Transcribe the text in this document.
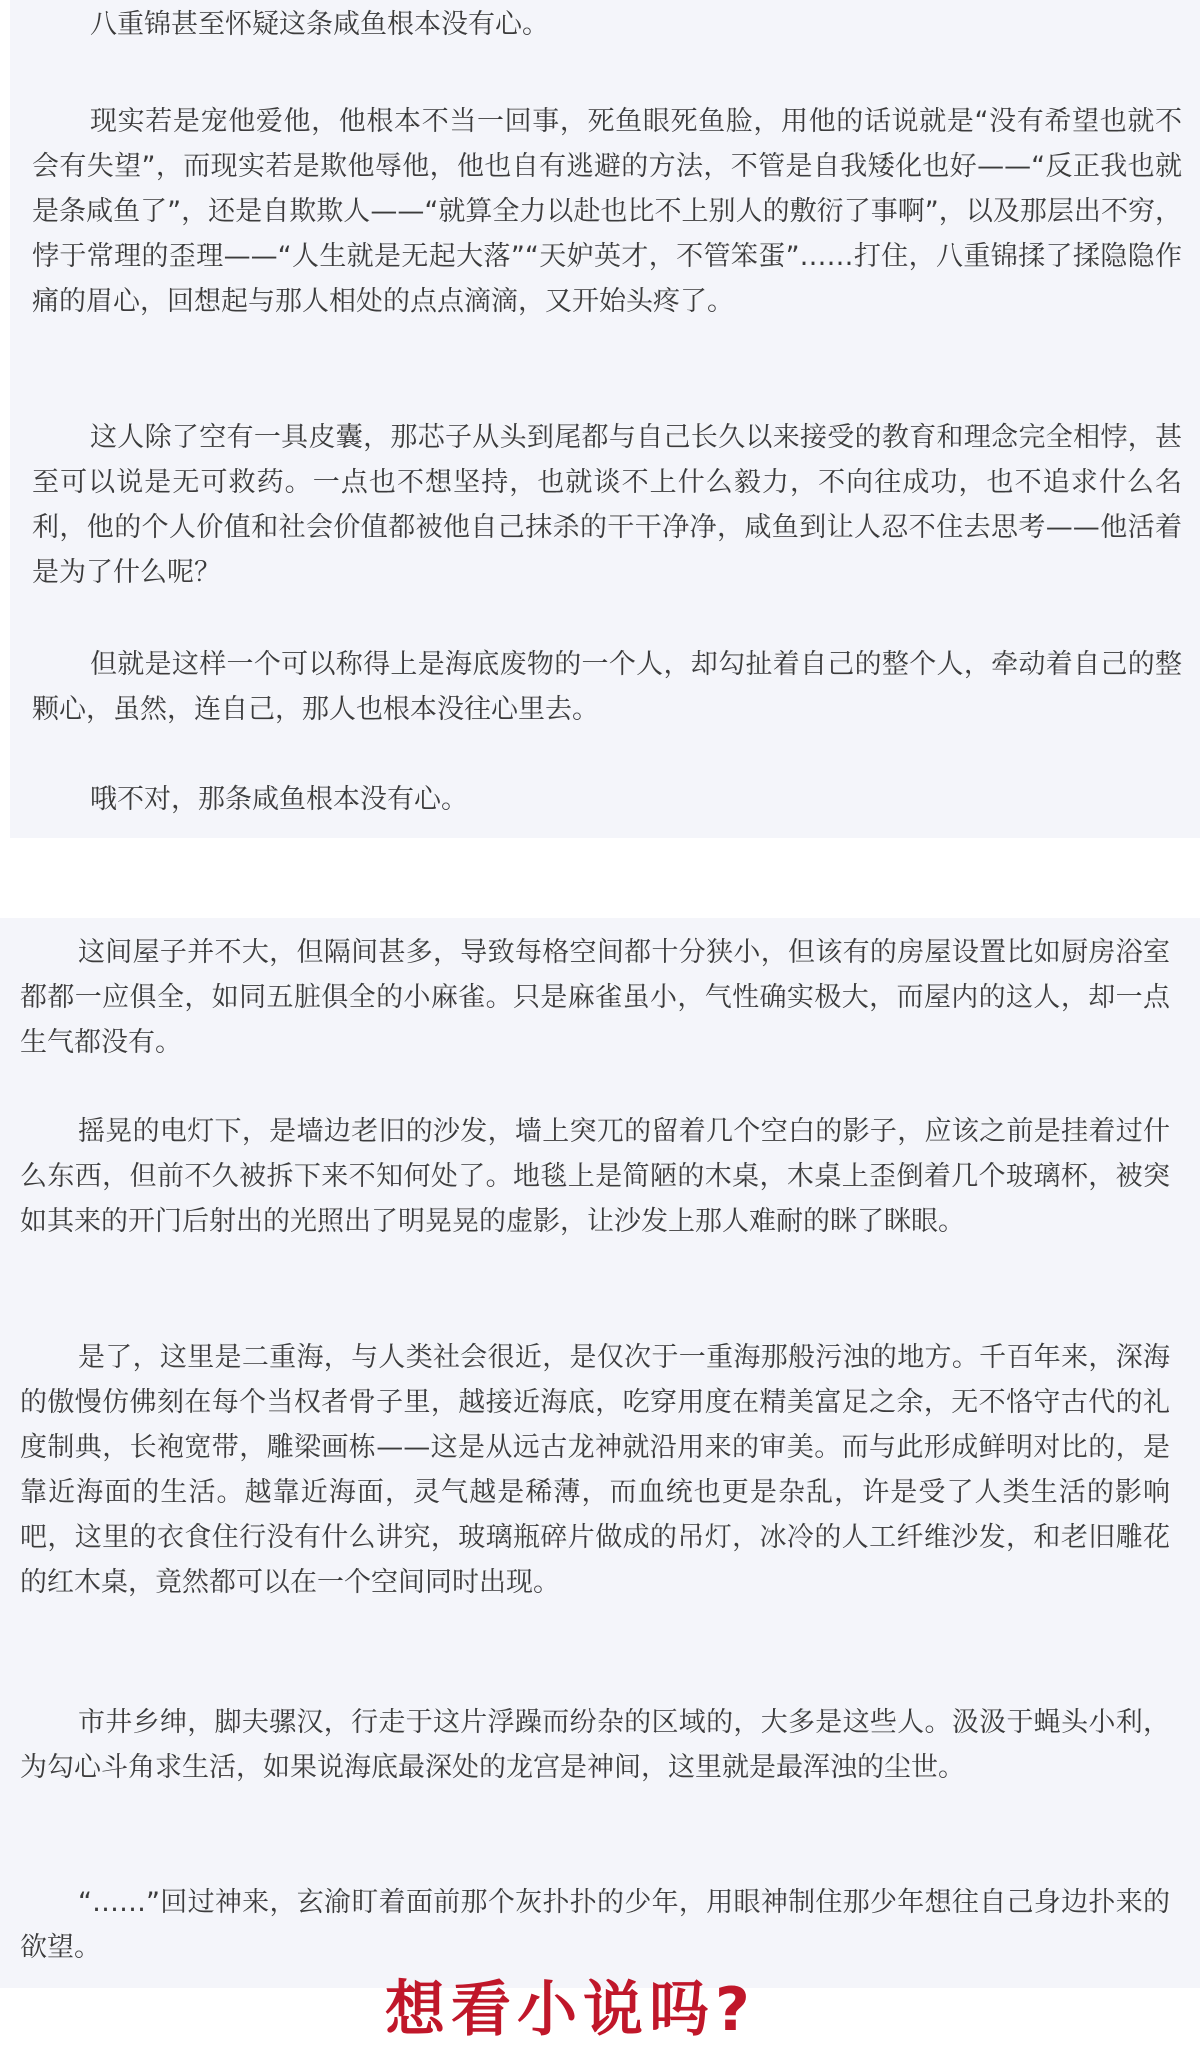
八重锦甚至怀疑这条咸鱼根本没有心。

现实若是宠他爱他，他根本不当一回事，死鱼眼死鱼脸，用他的话说就是“没有希望也就不会有失望”，而现实若是欺他辱他，他也自有逃避的方法，不管是自我矮化也好——“反正我也就是条咸鱼了”，还是自欺欺人——“就算全力以赴也比不上别人的敷衍了事啊”，以及那层出不穷，悖于常理的歪理——“人生就是无起大落”“天妒英才，不管笨蛋”……打住，八重锦揉了揉隐隐作痛的眉心，回想起与那人相处的点点滴滴，又开始头疼了。

这人除了空有一具皮囊，那芯子从头到尾都与自己长久以来接受的教育和理念完全相悖，甚至可以说是无可救药。一点也不想坚持，也就谈不上什么毅力，不向往成功，也不追求什么名利，他的个人价值和社会价值都被他自己抹杀的干干净净，咸鱼到让人忍不住去思考——他活着是为了什么呢？

但就是这样一个可以称得上是海底废物的一个人，却勾扯着自己的整个人，牵动着自己的整颗心，虽然，连自己，那人也根本没往心里去。

哦不对，那条咸鱼根本没有心。

这间屋子并不大，但隔间甚多，导致每格空间都十分狭小，但该有的房屋设置比如厨房浴室都都一应俱全，如同五脏俱全的小麻雀。只是麻雀虽小，气性确实极大，而屋内的这人，却一点生气都没有。

摇晃的电灯下，是墙边老旧的沙发，墙上突兀的留着几个空白的影子，应该之前是挂着过什么东西，但前不久被拆下来不知何处了。地毯上是简陋的木桌，木桌上歪倒着几个玻璃杯，被突如其来的开门后射出的光照出了明晃晃的虚影，让沙发上那人难耐的眯了眯眼。

是了，这里是二重海，与人类社会很近，是仅次于一重海那般污浊的地方。千百年来，深海的傲慢仿佛刻在每个当权者骨子里，越接近海底，吃穿用度在精美富足之余，无不恪守古代的礼度制典，长袍宽带，雕梁画栋——这是从远古龙神就沿用来的审美。而与此形成鲜明对比的，是靠近海面的生活。越靠近海面，灵气越是稀薄，而血统也更是杂乱，许是受了人类生活的影响吧，这里的衣食住行没有什么讲究，玻璃瓶碎片做成的吊灯，冰冷的人工纤维沙发，和老旧雕花的红木桌，竟然都可以在一个空间同时出现。

市井乡绅，脚夫骡汉，行走于这片浮躁而纷杂的区域的，大多是这些人。汲汲于蝇头小利，为勾心斗角求生活，如果说海底最深处的龙宫是神间，这里就是最浑浊的尘世。

“……”回过神来，玄渝盯着面前那个灰扑扑的少年，用眼神制住那少年想往自己身边扑来的欲望。

想看小说吗?
